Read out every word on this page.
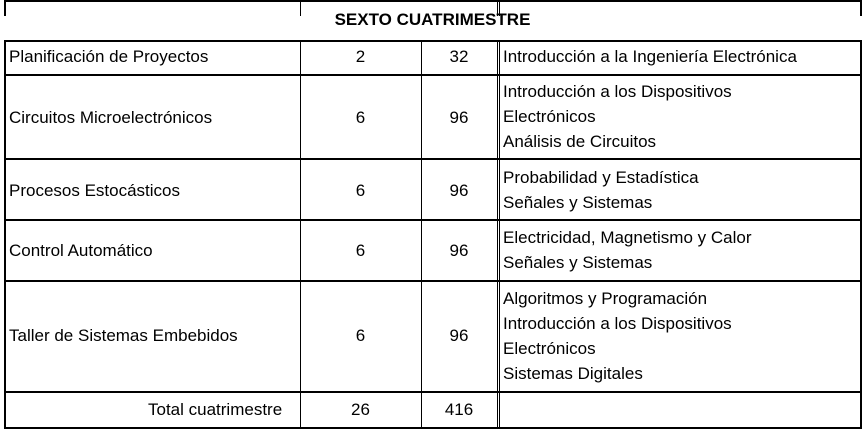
SEXTO CUATRIMESTRE
Planificación de Proyectos	2	32	Introducción a la Ingeniería Electrónica
Circuitos Microelectrónicos	6	96
Introducción a los Dispositivos
Electrónicos
Análisis de Circuitos
Procesos Estocásticos	6	96
Probabilidad y Estadística
Señales y Sistemas
Control Automático	6	96
Electricidad, Magnetismo y Calor
Señales y Sistemas
Taller de Sistemas Embebidos	6	96
Algoritmos y Programación
Introducción a los Dispositivos
Electrónicos
Sistemas Digitales
Total cuatrimestre	26	416
